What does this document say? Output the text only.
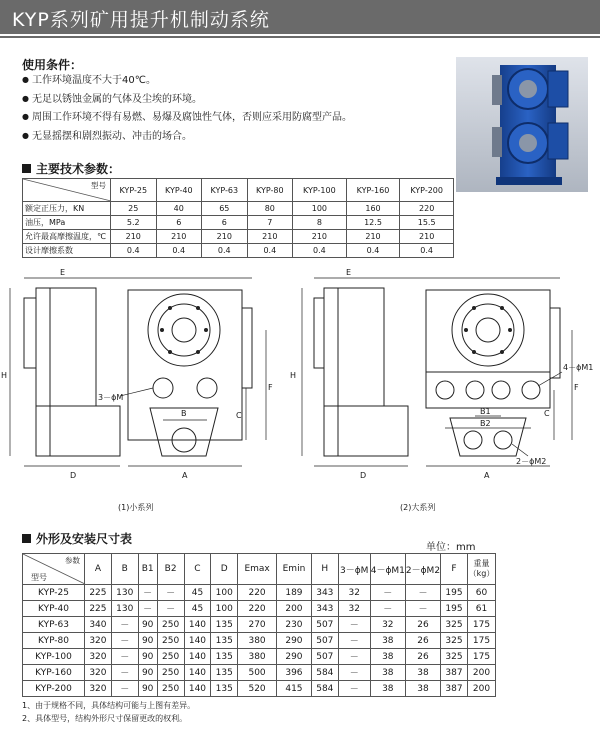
KYP系列矿用提升机制动系统
使用条件：
● 工作环境温度不大于40℃。
● 无足以锈蚀金属的气体及尘埃的环境。
● 周围工作环境不得有易燃、易爆及腐蚀性气体，否则应采用防腐型产品。
● 无显摇摆和剧烈振动、冲击的场合。
主要技术参数：
型号	KYP-25	KYP-40	KYP-63	KYP-80	KYP-100	KYP-160	KYP-200
额定正压力，KN	25	40	65	80	100	160	220
油压，MPa	5.2	6	6	7	8	12.5	15.5
允许最高摩擦温度，℃	210	210	210	210	210	210	210
设计摩擦系数	0.4	0.4	0.4	0.4	0.4	0.4	0.4
E
H
3－ϕM
B	C
F
D	A
(1)小系列
E
H
4－ϕM1
B1
B2
C
F
2－ϕM2
D	A
(2)大系列
外形及安装尺寸表
单位：mm
参数
型号	A	B	B1	B2	C	D	Emax	Emin	H	3－ϕM	4－ϕM1	2－ϕM2	F	重量（kg）
KYP-25	225	130	－	－	45	100	220	189	343	32	－	－	195	60
KYP-40	225	130	－	－	45	100	220	200	343	32	－	－	195	61
KYP-63	340	－	90	250	140	135	270	230	507	－	32	26	325	175
KYP-80	320	－	90	250	140	135	380	290	507	－	38	26	325	175
KYP-100	320	－	90	250	140	135	380	290	507	－	38	26	325	175
KYP-160	320	－	90	250	140	135	500	396	584	－	38	38	387	200
KYP-200	320	－	90	250	140	135	520	415	584	－	38	38	387	200
1、由于规格不同，具体结构可能与上图有差异。
2、具体型号，结构外形尺寸保留更改的权利。
